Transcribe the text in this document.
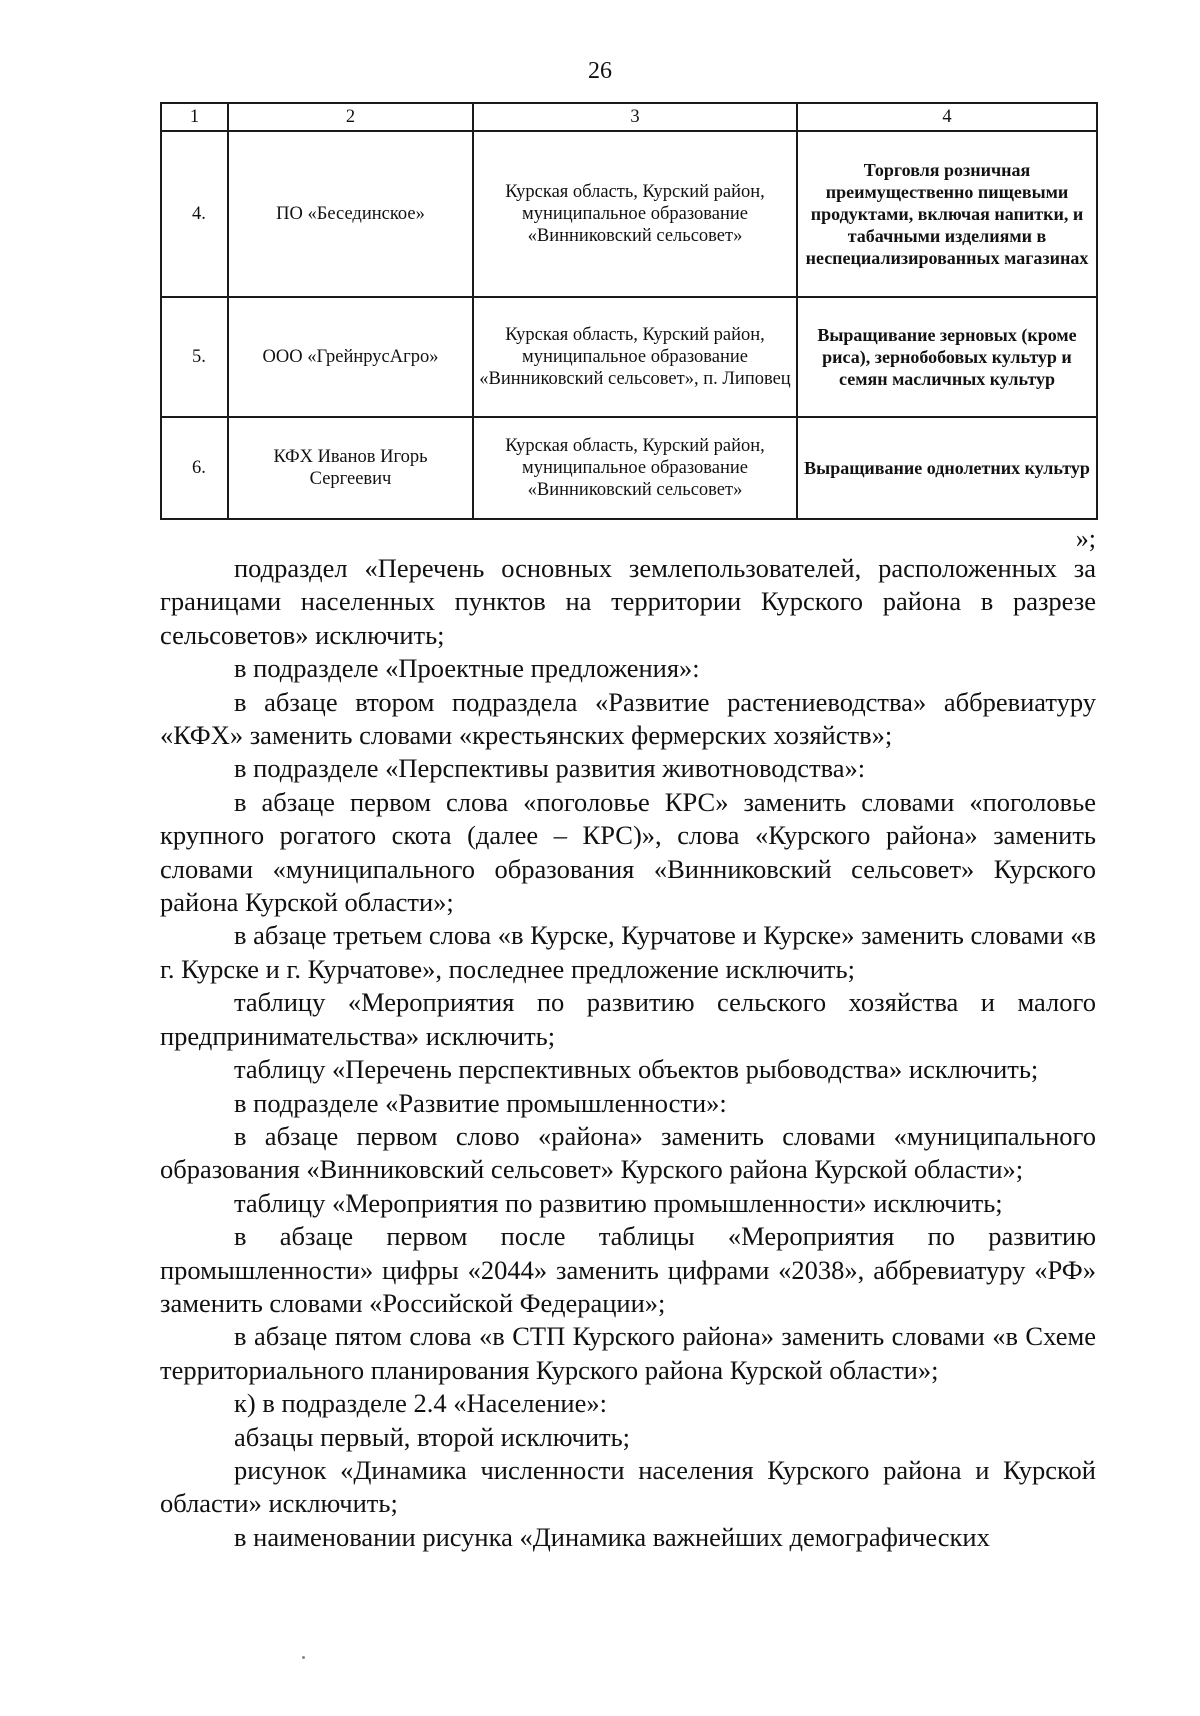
26
1	2	3	4
4.	ПО «Бесединское»	Курская область, Курский район, муниципальное образование «Винниковский сельсовет»	Торговля розничная преимущественно пищевыми продуктами, включая напитки, и табачными изделиями в неспециализированных магазинах
5.	ООО «ГрейнрусАгро»	Курская область, Курский район, муниципальное образование «Винниковский сельсовет», п. Липовец	Выращивание зерновых (кроме риса), зернобобовых культур и семян масличных культур
6.	КФХ Иванов Игорь Сергеевич	Курская область, Курский район, муниципальное образование «Винниковский сельсовет»	Выращивание однолетних культур
»;

подраздел «Перечень основных землепользователей, расположенных за границами населенных пунктов на территории Курского района в разрезе сельсоветов» исключить;

в подразделе «Проектные предложения»:

в абзаце втором подраздела «Развитие растениеводства» аббревиатуру «КФХ» заменить словами «крестьянских фермерских хозяйств»;

в подразделе «Перспективы развития животноводства»:

в абзаце первом слова «поголовье КРС» заменить словами «поголовье крупного рогатого скота (далее – КРС)», слова «Курского района» заменить словами «муниципального образования «Винниковский сельсовет» Курского района Курской области»;

в абзаце третьем слова «в Курске, Курчатове и Курске» заменить словами «в г. Курске и г. Курчатове», последнее предложение исключить;

таблицу «Мероприятия по развитию сельского хозяйства и малого предпринимательства» исключить;

таблицу «Перечень перспективных объектов рыбоводства» исключить;

в подразделе «Развитие промышленности»:

в абзаце первом слово «района» заменить словами «муниципального образования «Винниковский сельсовет» Курского района Курской области»;

таблицу «Мероприятия по развитию промышленности» исключить;

в абзаце первом после таблицы «Мероприятия по развитию промышленности» цифры «2044» заменить цифрами «2038», аббревиатуру «РФ» заменить словами «Российской Федерации»;

в абзаце пятом слова «в СТП Курского района» заменить словами «в Схеме территориального планирования Курского района Курской области»;

к) в подразделе 2.4 «Население»:

абзацы первый, второй исключить;

рисунок «Динамика численности населения Курского района и Курской области» исключить;

в наименовании рисунка «Динамика важнейших демографических
